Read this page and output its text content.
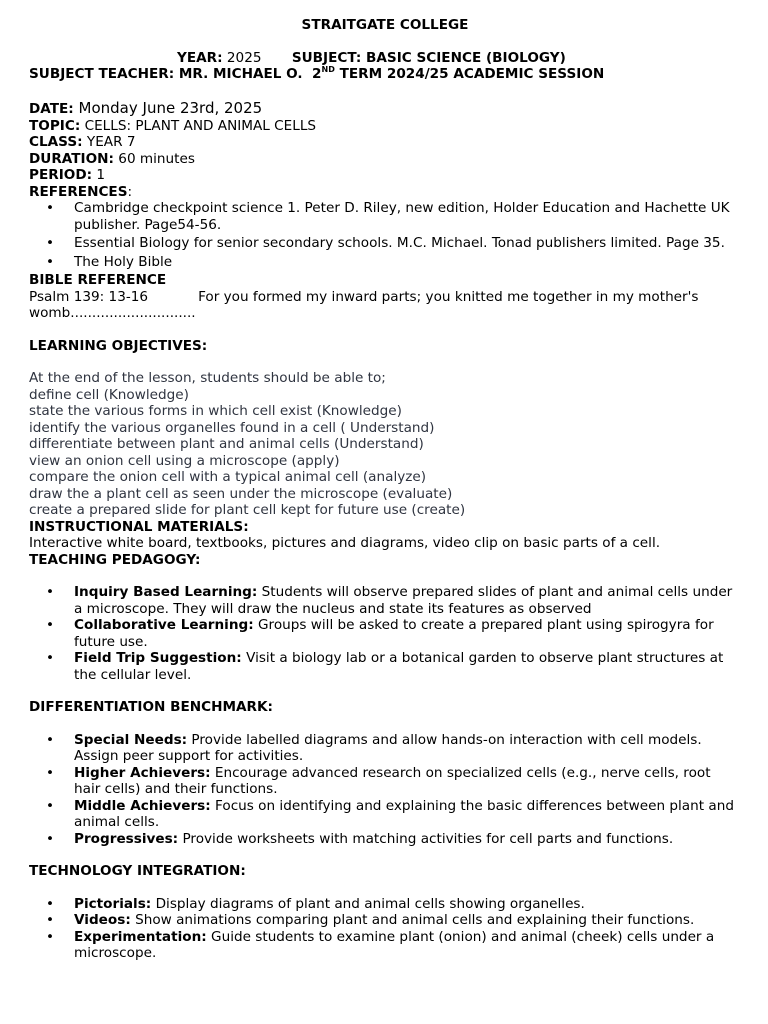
STRAITGATE COLLEGE
YEAR: 2025 SUBJECT: BASIC SCIENCE (BIOLOGY)
SUBJECT TEACHER: MR. MICHAEL O. 2ND TERM 2024/25 ACADEMIC SESSION
DATE: Monday June 23rd, 2025
TOPIC: CELLS: PLANT AND ANIMAL CELLS
CLASS: YEAR 7
DURATION: 60 minutes
PERIOD: 1
REFERENCES:
• Cambridge checkpoint science 1. Peter D. Riley, new edition, Holder Education and Hachette UK publisher. Page54-56.
• Essential Biology for senior secondary schools. M.C. Michael. Tonad publishers limited. Page 35.
• The Holy Bible
BIBLE REFERENCE
Psalm 139: 13-16	For you formed my inward parts; you knitted me together in my mother's
womb.............................
LEARNING OBJECTIVES:
At the end of the lesson, students should be able to;
define cell (Knowledge)
state the various forms in which cell exist (Knowledge)
identify the various organelles found in a cell ( Understand)
differentiate between plant and animal cells (Understand)
view an onion cell using a microscope (apply)
compare the onion cell with a typical animal cell (analyze)
draw the a plant cell as seen under the microscope (evaluate)
create a prepared slide for plant cell kept for future use (create)
INSTRUCTIONAL MATERIALS:
Interactive white board, textbooks, pictures and diagrams, video clip on basic parts of a cell.
TEACHING PEDAGOGY:
• Inquiry Based Learning: Students will observe prepared slides of plant and animal cells under a microscope. They will draw the nucleus and state its features as observed
• Collaborative Learning: Groups will be asked to create a prepared plant using spirogyra for future use.
• Field Trip Suggestion: Visit a biology lab or a botanical garden to observe plant structures at the cellular level.
DIFFERENTIATION BENCHMARK:
• Special Needs: Provide labelled diagrams and allow hands-on interaction with cell models. Assign peer support for activities.
• Higher Achievers: Encourage advanced research on specialized cells (e.g., nerve cells, root hair cells) and their functions.
• Middle Achievers: Focus on identifying and explaining the basic differences between plant and animal cells.
• Progressives: Provide worksheets with matching activities for cell parts and functions.
TECHNOLOGY INTEGRATION:
• Pictorials: Display diagrams of plant and animal cells showing organelles.
• Videos: Show animations comparing plant and animal cells and explaining their functions.
• Experimentation: Guide students to examine plant (onion) and animal (cheek) cells under a microscope.
